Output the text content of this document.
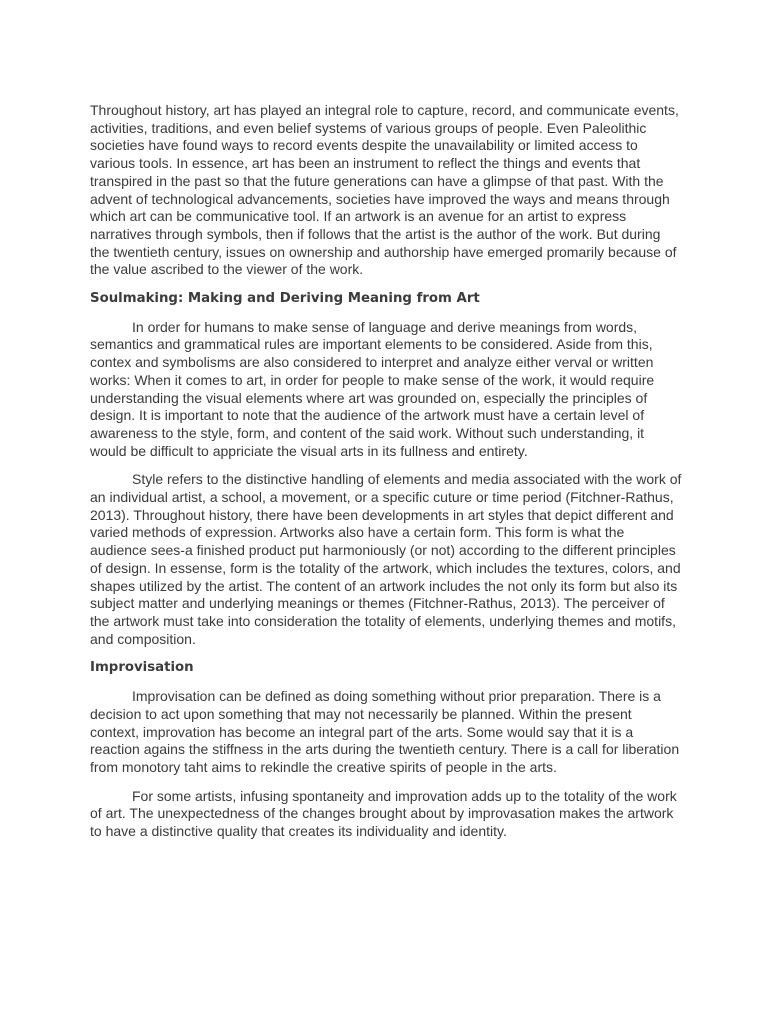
Throughout history, art has played an integral role to capture, record, and communicate events, activities, traditions, and even belief systems of various groups of people. Even Paleolithic societies have found ways to record events despite the unavailability or limited access to various tools. In essence, art has been an instrument to reflect the things and events that transpired in the past so that the future generations can have a glimpse of that past. With the advent of technological advancements, societies have improved the ways and means through which art can be communicative tool. If an artwork is an avenue for an artist to express narratives through symbols, then if follows that the artist is the author of the work. But during the twentieth century, issues on ownership and authorship have emerged promarily because of the value ascribed to the viewer of the work.

Soulmaking: Making and Deriving Meaning from Art

In order for humans to make sense of language and derive meanings from words, semantics and grammatical rules are important elements to be considered. Aside from this, contex and symbolisms are also considered to interpret and analyze either verval or written works: When it comes to art, in order for people to make sense of the work, it would require understanding the visual elements where art was grounded on, especially the principles of design. It is important to note that the audience of the artwork must have a certain level of awareness to the style, form, and content of the said work. Without such understanding, it would be difficult to appriciate the visual arts in its fullness and entirety.

Style refers to the distinctive handling of elements and media associated with the work of an individual artist, a school, a movement, or a specific cuture or time period (Fitchner-Rathus, 2013). Throughout history, there have been developments in art styles that depict different and varied methods of expression. Artworks also have a certain form. This form is what the audience sees-a finished product put harmoniously (or not) according to the different principles of design. In essense, form is the totality of the artwork, which includes the textures, colors, and shapes utilized by the artist. The content of an artwork includes the not only its form but also its subject matter and underlying meanings or themes (Fitchner-Rathus, 2013). The perceiver of the artwork must take into consideration the totality of elements, underlying themes and motifs, and composition.

Improvisation

Improvisation can be defined as doing something without prior preparation. There is a decision to act upon something that may not necessarily be planned. Within the present context, improvation has become an integral part of the arts. Some would say that it is a reaction agains the stiffness in the arts during the twentieth century. There is a call for liberation from monotory taht aims to rekindle the creative spirits of people in the arts.

For some artists, infusing spontaneity and improvation adds up to the totality of the work of art. The unexpectedness of the changes brought about by improvasation makes the artwork to have a distinctive quality that creates its individuality and identity.
